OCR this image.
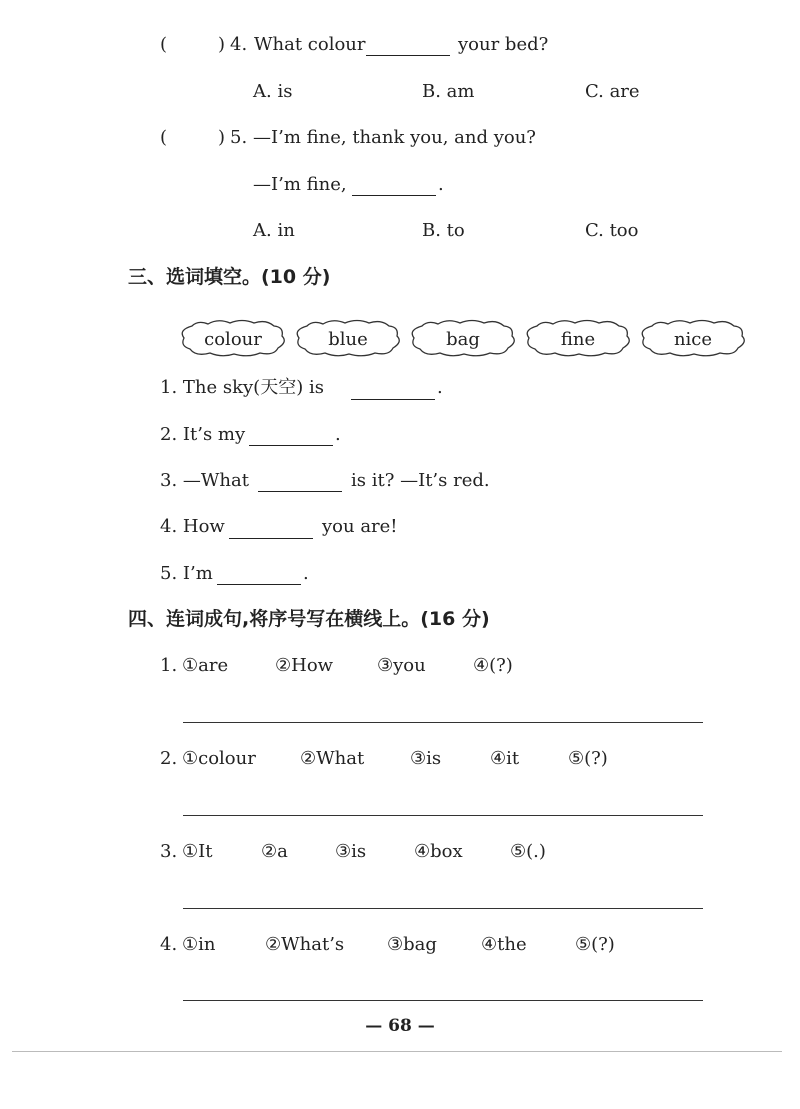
(	) 4. What colour	your bed?
A. is	B. am	C. are
(	) 5. —I’m fine, thank you, and you?
—I’m fine,	.
A. in	B. to	C. too
三、选词填空。(10 分)
colour	blue	bag	fine	nice
1. The sky(天空) is	.
2. It’s my	.
3. —What	is it? —It’s red.
4. How	you are!
5. I’m	.
四、连词成句,将序号写在横线上。(16 分)
1. ①are	②How ③you	④(?)
2. ①colour ②What	③is	④it	⑤(?)
3. ①It	②a	③is	④box	⑤(.)
4. ①in	②What’s ③bag ④the	⑤(?)
— 68 —
